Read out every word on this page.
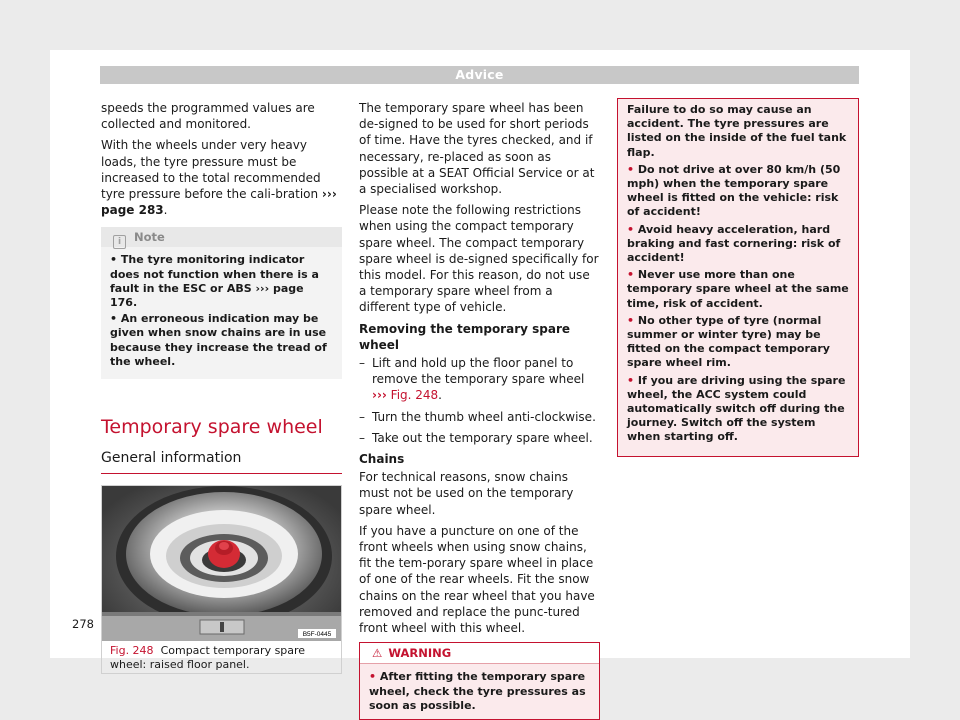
Advice

speeds the programmed values are collected and monitored.

With the wheels under very heavy loads, the tyre pressure must be increased to the total recommended tyre pressure before the cali-bration ››› page 283.

i Note
• The tyre monitoring indicator does not function when there is a fault in the ESC or ABS ››› page 176.
• An erroneous indication may be given when snow chains are in use because they increase the tread of the wheel.
Temporary spare wheel
General information
B5F-0445
Fig. 248 Compact temporary spare wheel: raised floor panel.

The temporary spare wheel has been de-signed to be used for short periods of time. Have the tyres checked, and if necessary, re-placed as soon as possible at a SEAT Official Service or at a specialised workshop.

Please note the following restrictions when using the compact temporary spare wheel. The compact temporary spare wheel is de-signed specifically for this model. For this reason, do not use a temporary spare wheel from a different type of vehicle.

Removing the temporary spare wheel

– Lift and hold up the floor panel to remove the temporary spare wheel ››› Fig. 248.
– Turn the thumb wheel anti-clockwise.
– Take out the temporary spare wheel.

Chains

For technical reasons, snow chains must not be used on the temporary spare wheel.

If you have a puncture on one of the front wheels when using snow chains, fit the tem-porary spare wheel in place of one of the rear wheels. Fit the snow chains on the rear wheel that you have removed and replace the punc-tured front wheel with this wheel.

⚠ WARNING
• After fitting the temporary spare wheel, check the tyre pressures as soon as possible.

Failure to do so may cause an accident. The tyre pressures are listed on the inside of the fuel tank flap.

• Do not drive at over 80 km/h (50 mph) when the temporary spare wheel is fitted on the vehicle: risk of accident!

• Avoid heavy acceleration, hard braking and fast cornering: risk of accident!

• Never use more than one temporary spare wheel at the same time, risk of accident.

• No other type of tyre (normal summer or winter tyre) may be fitted on the compact temporary spare wheel rim.

• If you are driving using the spare wheel, the ACC system could automatically switch off during the journey. Switch off the system when starting off.

278
